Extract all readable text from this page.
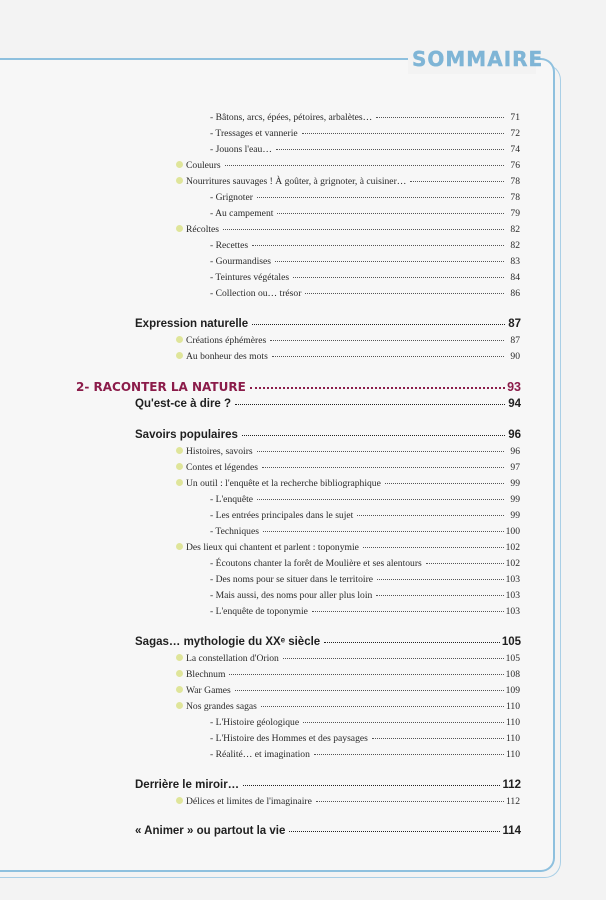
SOMMAIRE
- Bâtons, arcs, épées, pétoires, arbalètes…	71
- Tressages et vannerie	72
- Jouons l'eau…	74
Couleurs	76
Nourritures sauvages ! À goûter, à grignoter, à cuisiner…	78
- Grignoter	78
- Au campement	79
Récoltes	82
- Recettes	82
- Gourmandises	83
- Teintures végétales	84
- Collection ou… trésor	86
Expression naturelle	87
Créations éphémères	87
Au bonheur des mots	90
2- RACONTER LA NATURE	93
Qu'est-ce à dire ?	94
Savoirs populaires	96
Histoires, savoirs	96
Contes et légendes	97
Un outil : l'enquête et la recherche bibliographique	99
- L'enquête	99
- Les entrées principales dans le sujet	99
- Techniques	100
Des lieux qui chantent et parlent : toponymie	102
- Écoutons chanter la forêt de Moulière et ses alentours	102
- Des noms pour se situer dans le territoire	103
- Mais aussi, des noms pour aller plus loin	103
- L'enquête de toponymie	103
Sagas… mythologie du XXᵉ siècle	105
La constellation d'Orion	105
Blechnum	108
War Games	109
Nos grandes sagas	110
- L'Histoire géologique	110
- L'Histoire des Hommes et des paysages	110
- Réalité… et imagination	110
Derrière le miroir…	112
Délices et limites de l'imaginaire	112
« Animer » ou partout la vie	114
